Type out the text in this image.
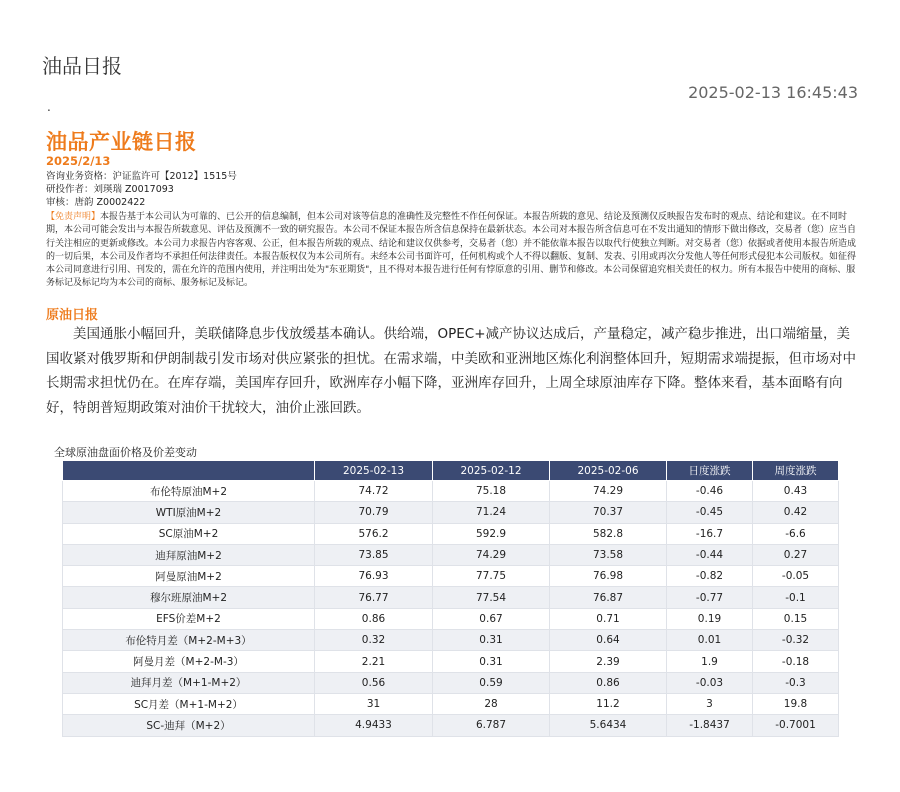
油品日报
2025-02-13 16:45:43
.
油品产业链日报
2025/2/13
咨询业务资格：沪证监许可【2012】1515号
研投作者：刘瑛瑞 Z0017093
审核：唐韵 Z0002422
【免责声明】本报告基于本公司认为可靠的、已公开的信息编制，但本公司对该等信息的准确性及完整性不作任何保证。本报告所载的意见、结论及预测仅反映报告发布时的观点、结论和建议。在不同时期，本公司可能会发出与本报告所载意见、评估及预测不一致的研究报告。本公司不保证本报告所含信息保持在最新状态。本公司对本报告所含信息可在不发出通知的情形下做出修改，交易者（您）应当自行关注相应的更新或修改。本公司力求报告内容客观、公正，但本报告所载的观点、结论和建议仅供参考，交易者（您）并不能依靠本报告以取代行使独立判断。对交易者（您）依据或者使用本报告所造成的一切后果，本公司及作者均不承担任何法律责任。本报告版权仅为本公司所有。未经本公司书面许可，任何机构或个人不得以翻版、复制、发表、引用或再次分发他人等任何形式侵犯本公司版权。如征得本公司同意进行引用、刊发的，需在允许的范围内使用，并注明出处为"东亚期货"，且不得对本报告进行任何有悖原意的引用、删节和修改。本公司保留追究相关责任的权力。所有本报告中使用的商标、服务标记及标记均为本公司的商标、服务标记及标记。
原油日报
美国通胀小幅回升，美联储降息步伐放缓基本确认。供给端，OPEC+减产协议达成后，产量稳定，减产稳步推进，出口端缩量，美国收紧对俄罗斯和伊朗制裁引发市场对供应紧张的担忧。在需求端，中美欧和亚洲地区炼化利润整体回升，短期需求端提振，但市场对中长期需求担忧仍在。在库存端，美国库存回升，欧洲库存小幅下降，亚洲库存回升，上周全球原油库存下降。整体来看，基本面略有向好，特朗普短期政策对油价干扰较大，油价止涨回跌。
全球原油盘面价格及价差变动
	2025-02-13	2025-02-12	2025-02-06	日度涨跌	周度涨跌
布伦特原油M+2	74.72	75.18	74.29	-0.46	0.43
WTI原油M+2	70.79	71.24	70.37	-0.45	0.42
SC原油M+2	576.2	592.9	582.8	-16.7	-6.6
迪拜原油M+2	73.85	74.29	73.58	-0.44	0.27
阿曼原油M+2	76.93	77.75	76.98	-0.82	-0.05
穆尔班原油M+2	76.77	77.54	76.87	-0.77	-0.1
EFS价差M+2	0.86	0.67	0.71	0.19	0.15
布伦特月差（M+2-M+3）	0.32	0.31	0.64	0.01	-0.32
阿曼月差（M+2-M-3）	2.21	0.31	2.39	1.9	-0.18
迪拜月差（M+1-M+2）	0.56	0.59	0.86	-0.03	-0.3
SC月差（M+1-M+2）	31	28	11.2	3	19.8
SC-迪拜（M+2）	4.9433	6.787	5.6434	-1.8437	-0.7001
